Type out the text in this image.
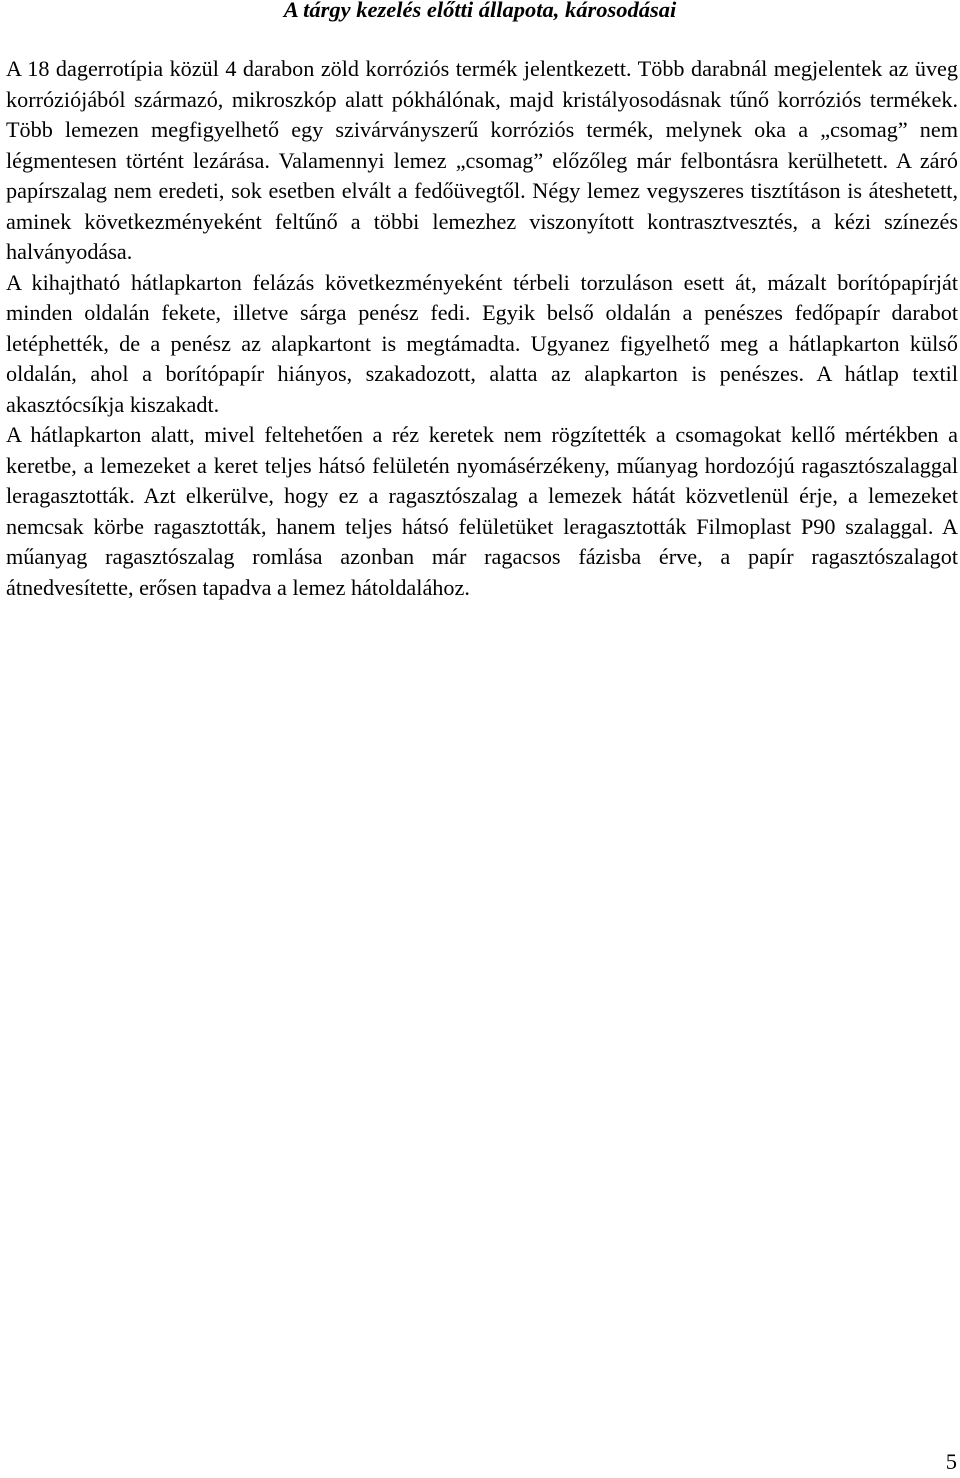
A tárgy kezelés előtti állapota, károsodásai

A 18 dagerrotípia közül 4 darabon zöld korróziós termék jelentkezett. Több darabnál megjelentek az üveg korróziójából származó, mikroszkóp alatt pókhálónak, majd kristályosodásnak tűnő korróziós termékek. Több lemezen megfigyelhető egy szivárványszerű korróziós termék, melynek oka a „csomag” nem légmentesen történt lezárása. Valamennyi lemez „csomag” előzőleg már felbontásra kerülhetett. A záró papírszalag nem eredeti, sok esetben elvált a fedőüvegtől. Négy lemez vegyszeres tisztításon is áteshetett, aminek következményeként feltűnő a többi lemezhez viszonyított kontrasztvesztés, a kézi színezés halványodása.

A kihajtható hátlapkarton felázás következményeként térbeli torzuláson esett át, mázalt borítópapírját minden oldalán fekete, illetve sárga penész fedi. Egyik belső oldalán a penészes fedőpapír darabot letéphették, de a penész az alapkartont is megtámadta. Ugyanez figyelhető meg a hátlapkarton külső oldalán, ahol a borítópapír hiányos, szakadozott, alatta az alapkarton is penészes. A hátlap textil akasztócsíkja kiszakadt.

A hátlapkarton alatt, mivel feltehetően a réz keretek nem rögzítették a csomagokat kellő mértékben a keretbe, a lemezeket a keret teljes hátsó felületén nyomásérzékeny, műanyag hordozójú ragasztószalaggal leragasztották. Azt elkerülve, hogy ez a ragasztószalag a lemezek hátát közvetlenül érje, a lemezeket nemcsak körbe ragasztották, hanem teljes hátsó felületüket leragasztották Filmoplast P90 szalaggal. A műanyag ragasztószalag romlása azonban már ragacsos fázisba érve, a papír ragasztószalagot átnedvesítette, erősen tapadva a lemez hátoldalához.

5
